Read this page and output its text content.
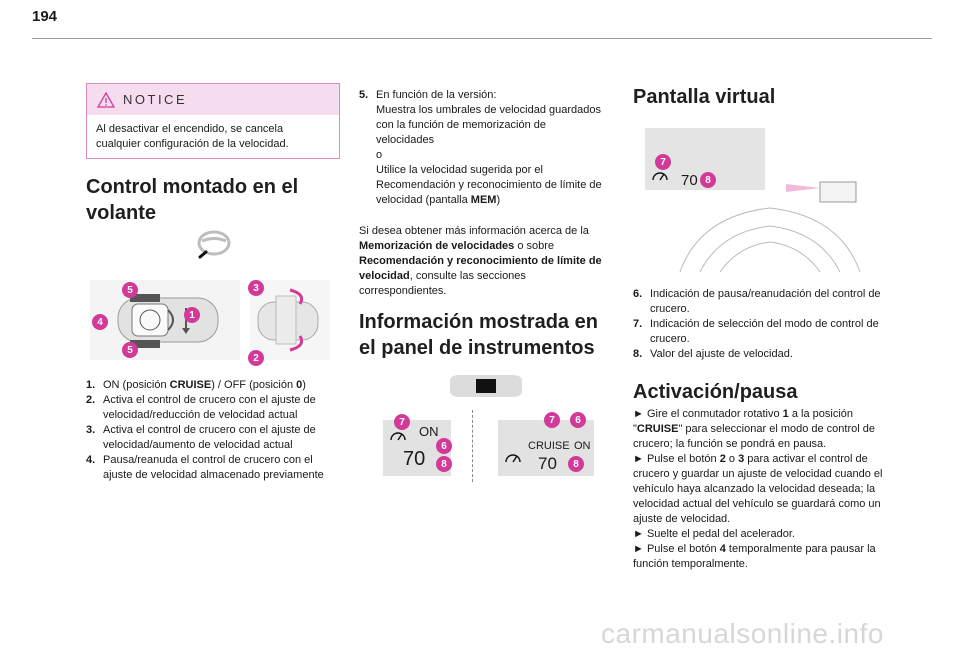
194
NOTICE
Al desactivar el encendido, se cancela cualquier configuración de la velocidad.
Control montado en el volante
5
4
5
1
3
2
1. ON (posición CRUISE) / OFF (posición 0)
2. Activa el control de crucero con el ajuste de velocidad/reducción de velocidad actual
3. Activa el control de crucero con el ajuste de velocidad/aumento de velocidad actual
4. Pausa/reanuda el control de crucero con el ajuste de velocidad almacenado previamente
5. En función de la versión:
Muestra los umbrales de velocidad guardados con la función de memorización de velocidades
o
Utilice la velocidad sugerida por el Recomendación y reconocimiento de límite de velocidad (pantalla MEM)

Si desea obtener más información acerca de la Memorización de velocidades o sobre Recomendación y reconocimiento de límite de velocidad, consulte las secciones correspondientes.

Información mostrada en el panel de instrumentos
ON
70
7
6
8
CRUISE ON
70
7	6
8
Pantalla virtual
70
7
8
6. Indicación de pausa/reanudación del control de crucero.
7. Indicación de selección del modo de control de crucero.
8. Valor del ajuste de velocidad.
Activación/pausa

► Gire el conmutador rotativo 1 a la posición "CRUISE" para seleccionar el modo de control de crucero; la función se pondrá en pausa.
► Pulse el botón 2 o 3 para activar el control de crucero y guardar un ajuste de velocidad cuando el vehículo haya alcanzado la velocidad deseada; la velocidad actual del vehículo se guardará como un ajuste de velocidad.
► Suelte el pedal del acelerador.
► Pulse el botón 4 temporalmente para pausar la función temporalmente.

carmanualsonline.info
